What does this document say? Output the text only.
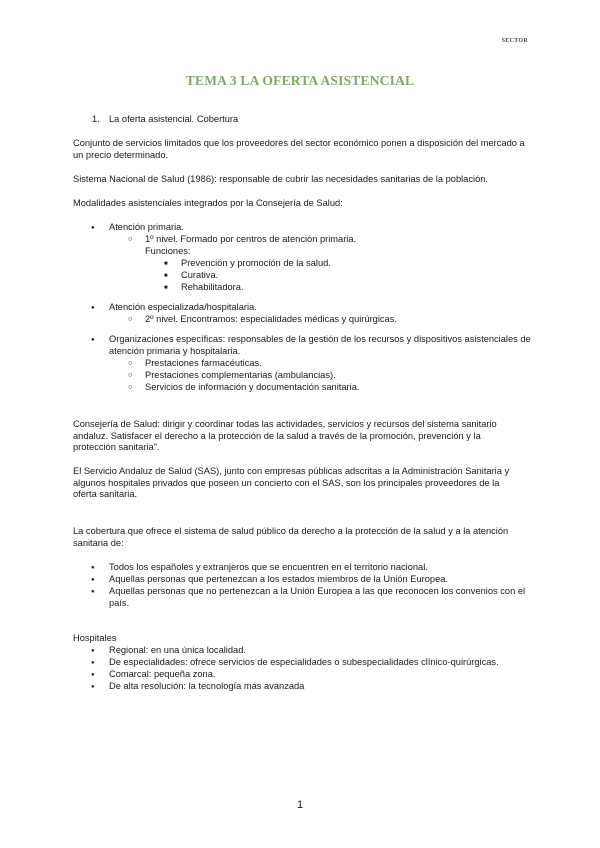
SECTOR
TEMA 3 LA OFERTA ASISTENCIAL
1. La oferta asistencial. Cobertura
Conjunto de servicios limitados que los proveedores del sector económico ponen a disposición del mercado a un precio determinado.
Sistema Nacional de Salud (1986): responsable de cubrir las necesidades sanitarias de la población.
Modalidades asistenciales integrados por la Consejería de Salud:
●
Atención primaria.
○
1º nivel. Formado por centros de atención primaria.
Funciones:
■
Prevención y promoción de la salud.
■
Curativa.
■
Rehabilitadora.
●
Atención especializada/hospitalaria.
○
2º nivel. Encontramos: especialidades médicas y quirúrgicas.
●
Organizaciones específicas: responsables de la gestión de los recursos y dispositivos asistenciales de
atención primaria y hospitalaria.
○
Prestaciones farmacéuticas.
○
Prestaciones complementarias (ambulancias).
○
Servicios de información y documentación sanitaria.
Consejería de Salud: dirigir y coordinar todas las actividades, servicios y recursos del sistema sanitario andaluz. Satisfacer el derecho a la protección de la salud a través de la promoción, prevención y la protección sanitaria".
El Servicio Andaluz de Salud (SAS), junto con empresas públicas adscritas a la Administración Sanitaria y algunos hospitales privados que poseen un concierto con el SAS, son los principales proveedores de la oferta sanitaria.
La cobertura que ofrece el sistema de salud público da derecho a la protección de la salud y a la atención sanitaria de:
●
Todos los españoles y extranjeros que se encuentren en el territorio nacional.
●
Aquellas personas que pertenezcan a los estados miembros de la Unión Europea.
●
Aquellas personas que no pertenezcan a la Unión Europea a las que reconocen los convenios con el
país.
Hospitales
●
Regional: en una única localidad.
●
De especialidades: ofrece servicios de especialidades o subespecialidades clínico-quirúrgicas.
●
Comarcal: pequeña zona.
●
De alta resolución: la tecnología más avanzada
1
